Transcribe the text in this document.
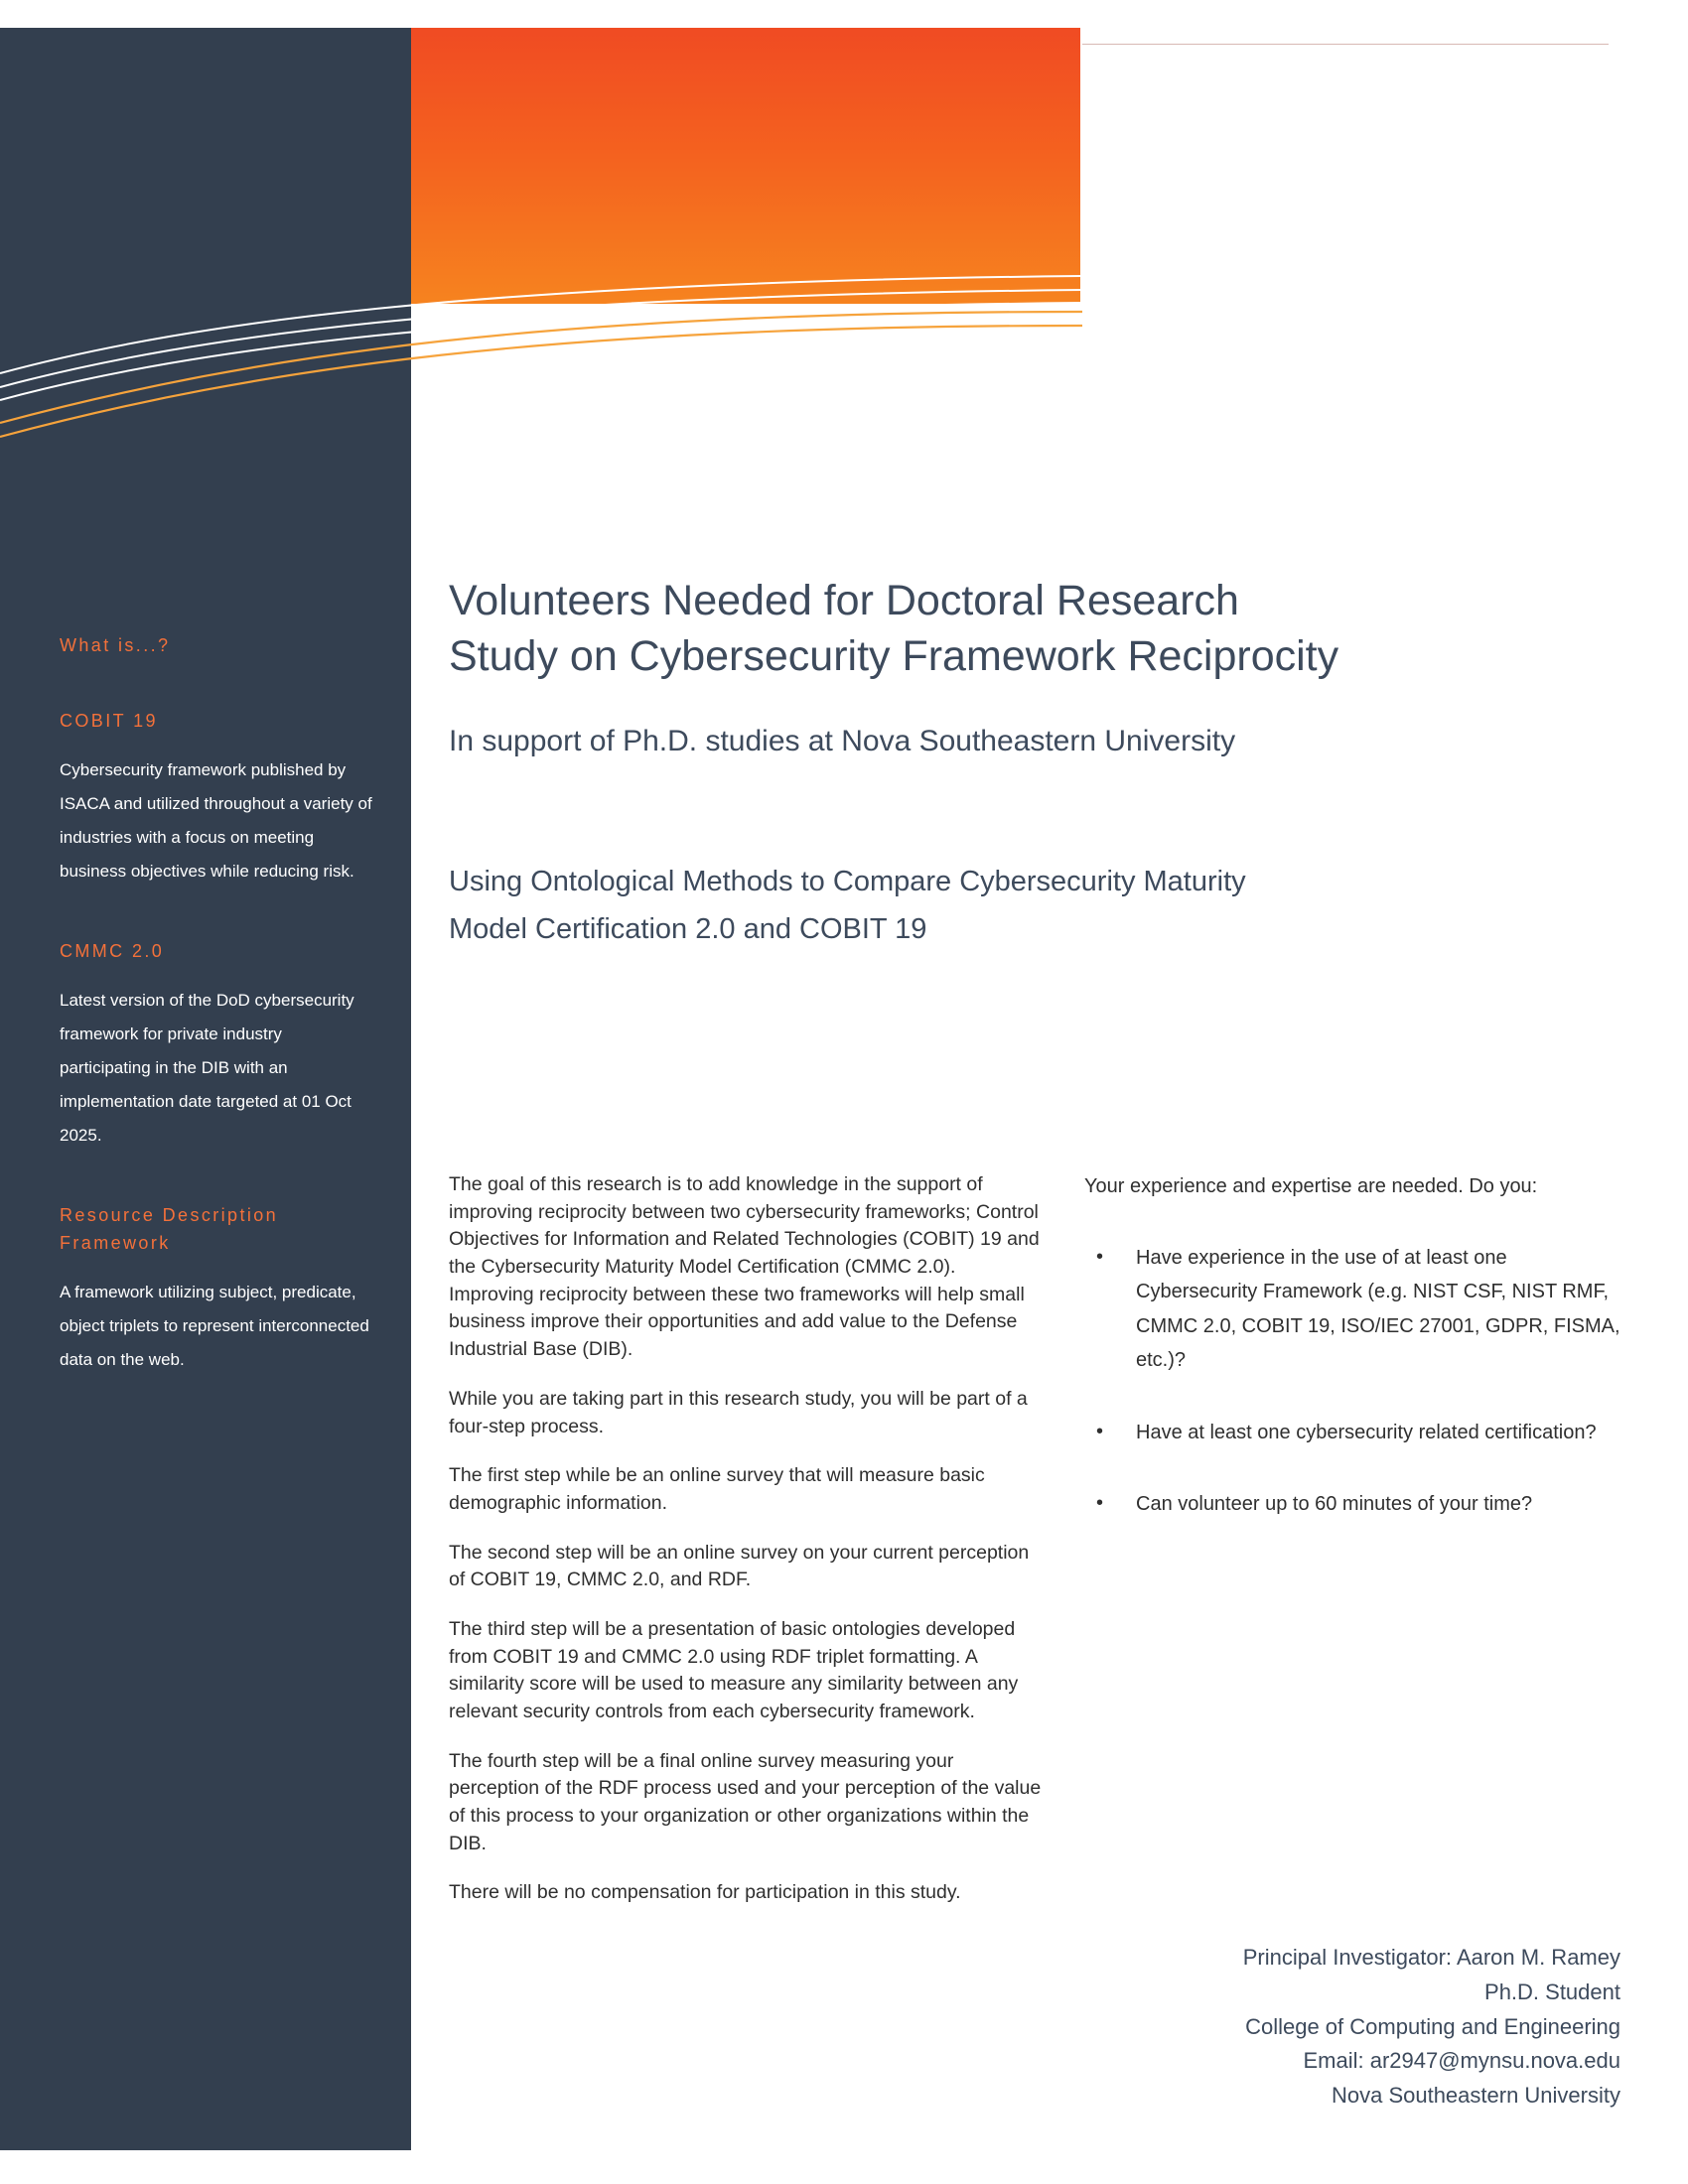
What is...?
COBIT 19
Cybersecurity framework published by ISACA and utilized throughout a variety of industries with a focus on meeting business objectives while reducing risk.
CMMC 2.0
Latest version of the DoD cybersecurity framework for private industry participating in the DIB with an implementation date targeted at 01 Oct 2025.
Resource Description Framework
A framework utilizing subject, predicate, object triplets to represent interconnected data on the web.
Volunteers Needed for Doctoral Research
Study on Cybersecurity Framework Reciprocity
In support of Ph.D. studies at Nova Southeastern University
Using Ontological Methods to Compare Cybersecurity Maturity
Model Certification 2.0 and COBIT 19

The goal of this research is to add knowledge in the support of improving reciprocity between two cybersecurity frameworks; Control Objectives for Information and Related Technologies (COBIT) 19 and the Cybersecurity Maturity Model Certification (CMMC 2.0). Improving reciprocity between these two frameworks will help small business improve their opportunities and add value to the Defense Industrial Base (DIB).

While you are taking part in this research study, you will be part of a four-step process.

The first step while be an online survey that will measure basic demographic information.

The second step will be an online survey on your current perception of COBIT 19, CMMC 2.0, and RDF.

The third step will be a presentation of basic ontologies developed from COBIT 19 and CMMC 2.0 using RDF triplet formatting. A similarity score will be used to measure any similarity between any relevant security controls from each cybersecurity framework.

The fourth step will be a final online survey measuring your perception of the RDF process used and your perception of the value of this process to your organization or other organizations within the DIB.

There will be no compensation for participation in this study.

Your experience and expertise are needed. Do you:

• Have experience in the use of at least one Cybersecurity Framework (e.g. NIST CSF, NIST RMF, CMMC 2.0, COBIT 19, ISO/IEC 27001, GDPR, FISMA, etc.)?
• Have at least one cybersecurity related certification?
• Can volunteer up to 60 minutes of your time?
Principal Investigator: Aaron M. Ramey
Ph.D. Student
College of Computing and Engineering
Email: ar2947@mynsu.nova.edu
Nova Southeastern University
